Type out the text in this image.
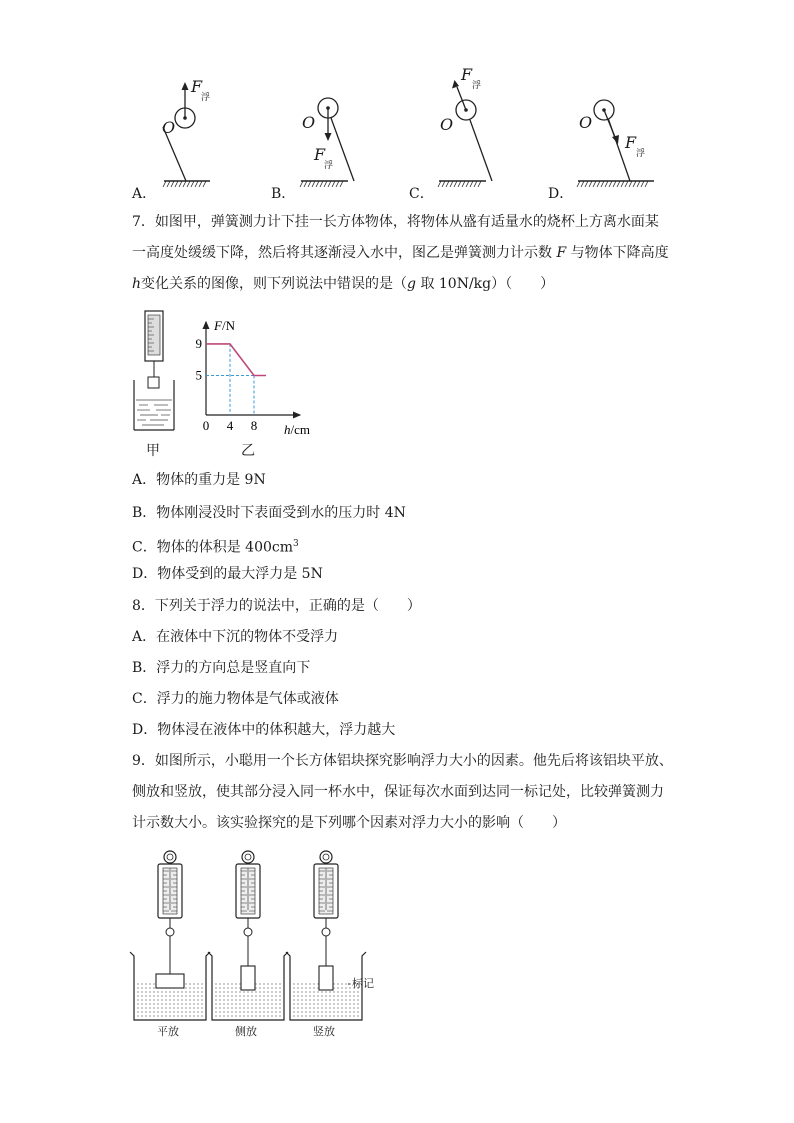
O
F
浮
O
F
浮
O
F
浮
O
F
浮
A．	B．	C．	D．
7．如图甲，弹簧测力计下挂一长方体物体，将物体从盛有适量水的烧杯上方离水面某
一高度处缓缓下降，然后将其逐渐浸入水中，图乙是弹簧测力计示数 F 与物体下降高度
h变化关系的图像，则下列说法中错误的是（g 取 10N/kg）（　　）
甲
9
5
0 4 8
F/N
h/cm
乙
A．物体的重力是 9N
B．物体刚浸没时下表面受到水的压力时 4N
C．物体的体积是 $400cm^3$
D．物体受到的最大浮力是 5N
8．下列关于浮力的说法中，正确的是（　　）
A．在液体中下沉的物体不受浮力
B．浮力的方向总是竖直向下
C．浮力的施力物体是气体或液体
D．物体浸在液体中的体积越大，浮力越大
9．如图所示，小聪用一个长方体铝块探究影响浮力大小的因素。他先后将该铝块平放、
侧放和竖放，使其部分浸入同一杯水中，保证每次水面到达同一标记处，比较弹簧测力
计示数大小。该实验探究的是下列哪个因素对浮力大小的影响（　　）
标记
平放	侧放	竖放
